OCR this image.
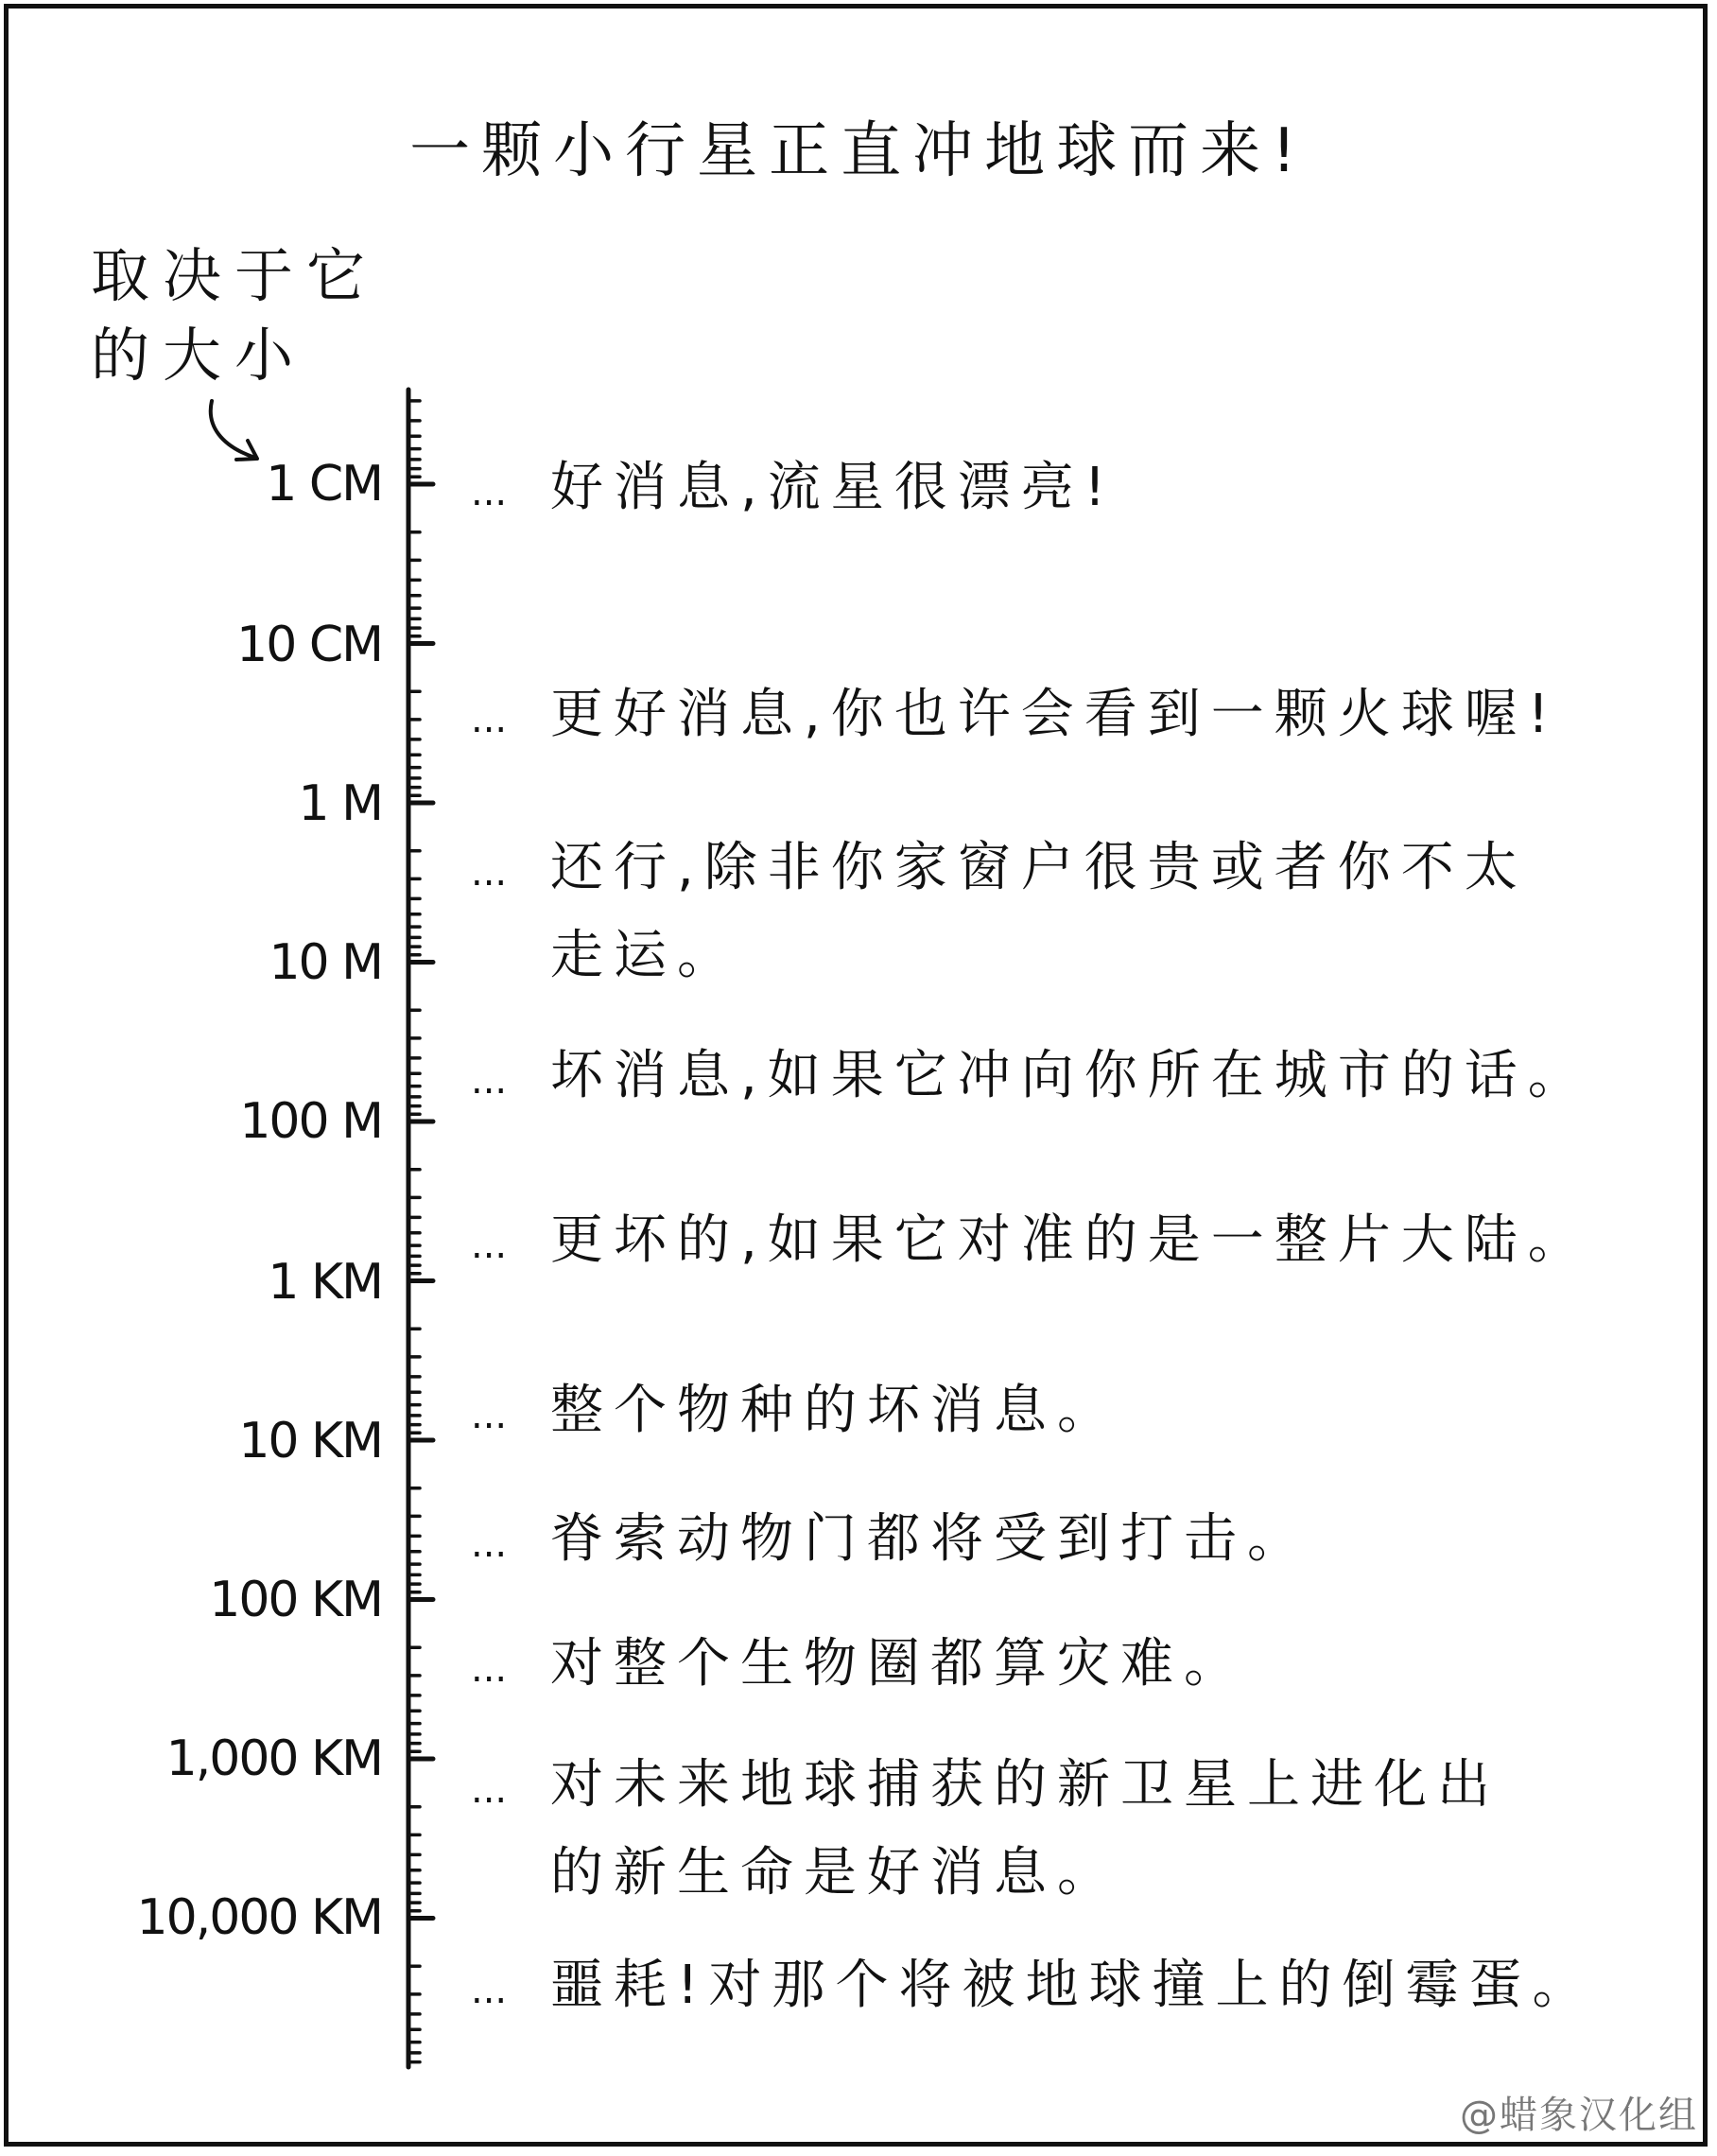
一颗小行星正直冲地球而来!
取决于它
的大小
1 CM
10 CM
1 M
10 M
100 M
1 KM
10 KM
100 KM
1,000 KM
10,000 KM
... 好消息,流星很漂亮!
... 更好消息,你也许会看到一颗火球喔!
... 还行,除非你家窗户很贵或者你不太
走运。
... 坏消息,如果它冲向你所在城市的话。
... 更坏的,如果它对准的是一整片大陆。
... 整个物种的坏消息。
... 脊索动物门都将受到打击。
... 对整个生物圈都算灾难。
... 对未来地球捕获的新卫星上进化出
的新生命是好消息。
... 噩耗!对那个将被地球撞上的倒霉蛋。
@蜡象汉化组
